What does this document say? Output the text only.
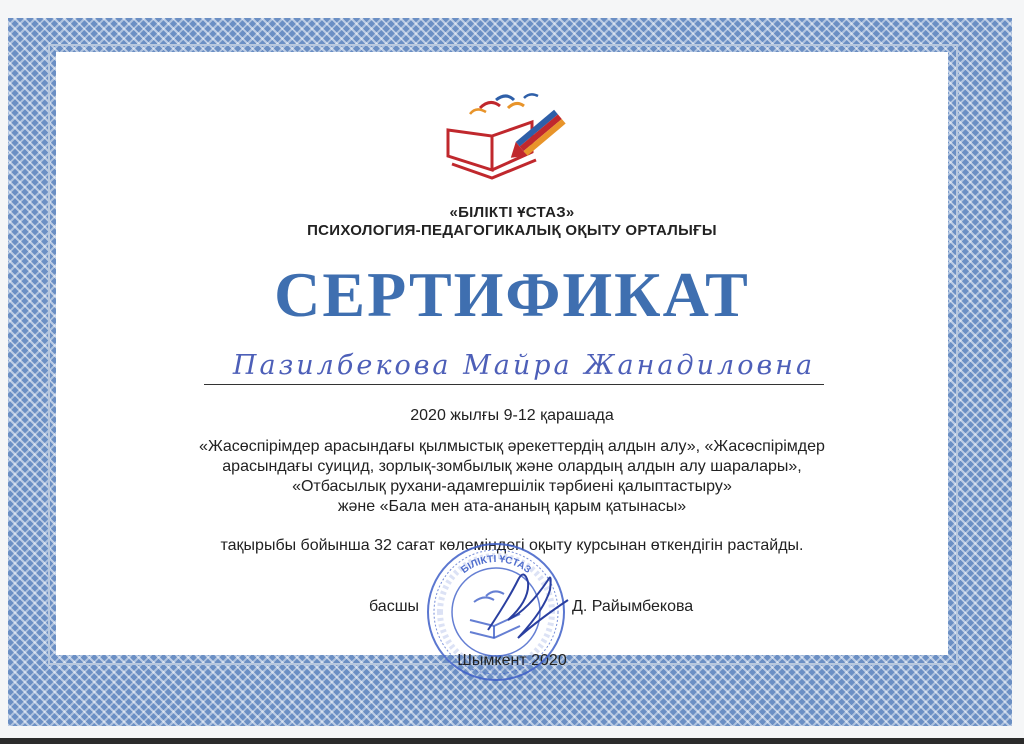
«БІЛІКТІ ҰСТАЗ»
ПСИХОЛОГИЯ-ПЕДАГОГИКАЛЫҚ ОҚЫТУ ОРТАЛЫҒЫ
СЕРТИФИКАТ
Пазилбекова Майра Жанадиловна
2020 жылғы 9-12 қарашада
«Жасөспірімдер арасындағы қылмыстық әрекеттердің алдын алу», «Жасөспірімдер
арасындағы суицид, зорлық-зомбылық және олардың алдын алу шаралары»,
«Отбасылық рухани-адамгершілік тәрбиені қалыптастыру»
және «Бала мен ата-ананың қарым қатынасы»
тақырыбы бойынша 32 сағат көлеміндегі оқыту курсынан өткендігін растайды.
басшы	Д. Райымбекова
Шымкент 2020
БІЛІКТІ ҰСТАЗ
